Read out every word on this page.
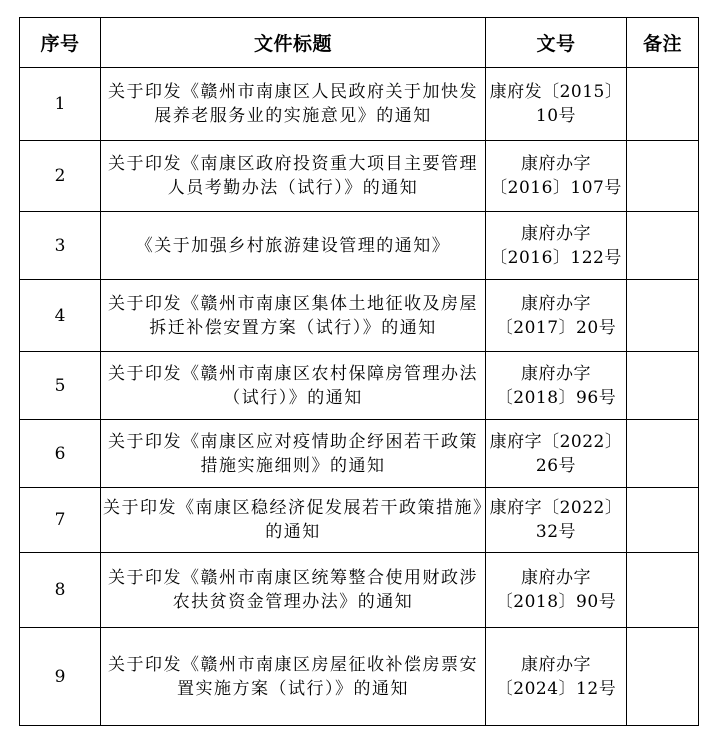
序号	文件标题	文号	备注
1	关于印发《赣州市南康区人民政府关于加快发展养老服务业的实施意见》的通知	康府发〔2015〕10号	
2	关于印发《南康区政府投资重大项目主要管理人员考勤办法（试行）》的通知	康府办字〔2016〕107号	
3	《关于加强乡村旅游建设管理的通知》	康府办字〔2016〕122号	
4	关于印发《赣州市南康区集体土地征收及房屋拆迁补偿安置方案（试行）》的通知	康府办字〔2017〕20号	
5	关于印发《赣州市南康区农村保障房管理办法（试行）》的通知	康府办字〔2018〕96号	
6	关于印发《南康区应对疫情助企纾困若干政策措施实施细则》的通知	康府字〔2022〕26号	
7	关于印发《南康区稳经济促发展若干政策措施》的通知	康府字〔2022〕32号	
8	关于印发《赣州市南康区统筹整合使用财政涉农扶贫资金管理办法》的通知	康府办字〔2018〕90号	
9	关于印发《赣州市南康区房屋征收补偿房票安置实施方案（试行）》的通知	康府办字〔2024〕12号	
